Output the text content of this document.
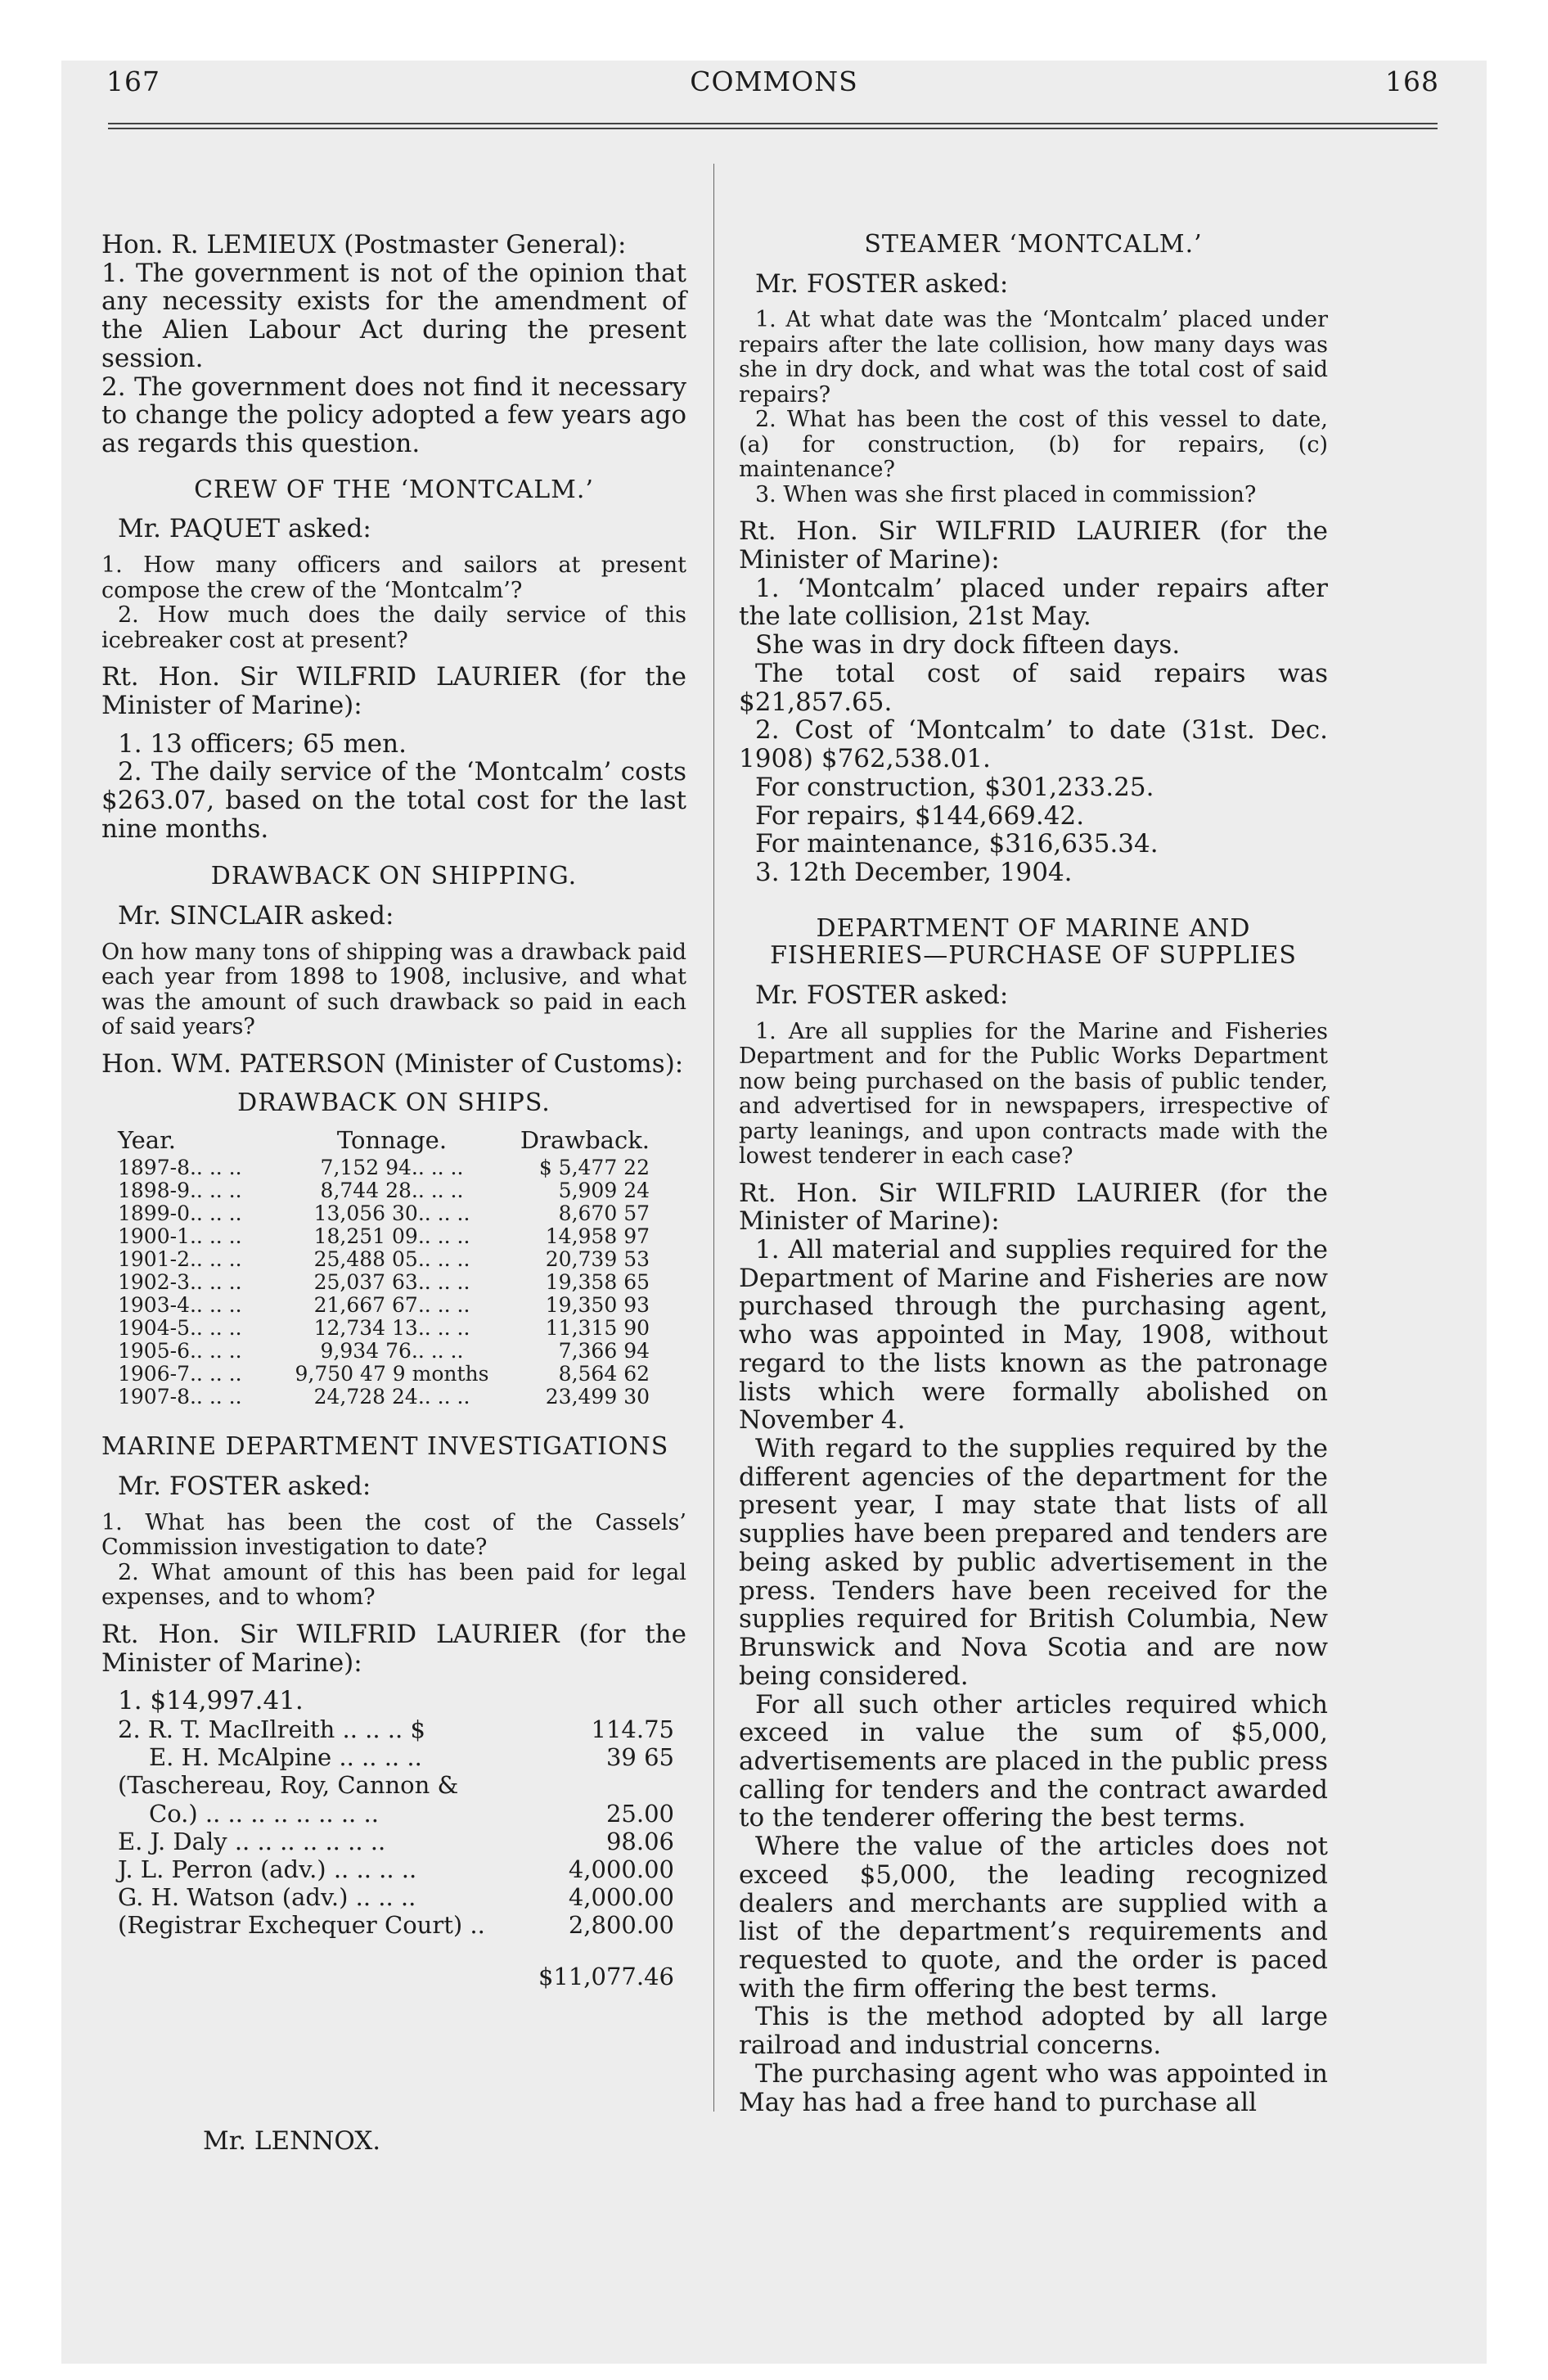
167	COMMONS	168

Hon. R. LEMIEUX (Postmaster General):

1. The government is not of the opinion that any necessity exists for the amendment of the Alien Labour Act during the present session.

2. The government does not find it necessary to change the policy adopted a few years ago as regards this question.

CREW OF THE ‘MONTCALM.’
Mr. PAQUET asked:

1. How many officers and sailors at present compose the crew of the ‘Montcalm’?

2. How much does the daily service of this icebreaker cost at present?

Rt. Hon. Sir WILFRID LAURIER (for the Minister of Marine):

1. 13 officers; 65 men.

2. The daily service of the ‘Montcalm’ costs $263.07, based on the total cost for the last nine months.

DRAWBACK ON SHIPPING.
Mr. SINCLAIR asked:

On how many tons of shipping was a drawback paid each year from 1898 to 1908, inclusive, and what was the amount of such drawback so paid in each of said years?

Hon. WM. PATERSON (Minister of Customs):

DRAWBACK ON SHIPS.
Year.	Tonnage.	Drawback.
1897-8.. .. ..	7,152 94.. .. ..	$ 5,477 22
1898-9.. .. ..	8,744 28.. .. ..	5,909 24
1899-0.. .. ..	13,056 30.. .. ..	8,670 57
1900-1.. .. ..	18,251 09.. .. ..	14,958 97
1901-2.. .. ..	25,488 05.. .. ..	20,739 53
1902-3.. .. ..	25,037 63.. .. ..	19,358 65
1903-4.. .. ..	21,667 67.. .. ..	19,350 93
1904-5.. .. ..	12,734 13.. .. ..	11,315 90
1905-6.. .. ..	9,934 76.. .. ..	7,366 94
1906-7.. .. ..	9,750 47 9 months	8,564 62
1907-8.. .. ..	24,728 24.. .. ..	23,499 30
MARINE DEPARTMENT INVESTIGATIONS
Mr. FOSTER asked:

1. What has been the cost of the Cassels’ Commission investigation to date?

2. What amount of this has been paid for legal expenses, and to whom?

Rt. Hon. Sir WILFRID LAURIER (for the Minister of Marine):

1. $14,997.41.

2. R. T. MacIlreith .. .. .. $	114.75
E. H. McAlpine .. .. .. ..	39 65
(Taschereau, Roy, Cannon &	
Co.) .. .. .. .. .. .. .. ..	25.00
E. J. Daly .. .. .. .. .. .. ..	98.06
J. L. Perron (adv.) .. .. .. ..	4,000.00
G. H. Watson (adv.) .. .. ..	4,000.00
(Registrar Exchequer Court) ..	2,800.00
	$11,077.46
Mr. LENNOX.
STEAMER ‘MONTCALM.’
Mr. FOSTER asked:

1. At what date was the ‘Montcalm’ placed under repairs after the late collision, how many days was she in dry dock, and what was the total cost of said repairs?

2. What has been the cost of this vessel to date, (a) for construction, (b) for repairs, (c) maintenance?

3. When was she first placed in commission?

Rt. Hon. Sir WILFRID LAURIER (for the Minister of Marine):

1. ‘Montcalm’ placed under repairs after the late collision, 21st May.

She was in dry dock fifteen days.

The total cost of said repairs was $21,857.65.

2. Cost of ‘Montcalm’ to date (31st. Dec. 1908) $762,538.01.

For construction, $301,233.25.

For repairs, $144,669.42.

For maintenance, $316,635.34.

3. 12th December, 1904.

DEPARTMENT OF MARINE AND FISHERIES—PURCHASE OF SUPPLIES
Mr. FOSTER asked:

1. Are all supplies for the Marine and Fisheries Department and for the Public Works Department now being purchased on the basis of public tender, and advertised for in newspapers, irrespective of party leanings, and upon contracts made with the lowest tenderer in each case?

Rt. Hon. Sir WILFRID LAURIER (for the Minister of Marine):

1. All material and supplies required for the Department of Marine and Fisheries are now purchased through the purchasing agent, who was appointed in May, 1908, without regard to the lists known as the patronage lists which were formally abolished on November 4.

With regard to the supplies required by the different agencies of the department for the present year, I may state that lists of all supplies have been prepared and tenders are being asked by public advertisement in the press. Tenders have been received for the supplies required for British Columbia, New Brunswick and Nova Scotia and are now being considered.

For all such other articles required which exceed in value the sum of $5,000, advertisements are placed in the public press calling for tenders and the contract awarded to the tenderer offering the best terms.

Where the value of the articles does not exceed $5,000, the leading recognized dealers and merchants are supplied with a list of the department’s requirements and requested to quote, and the order is paced with the firm offering the best terms.

This is the method adopted by all large railroad and industrial concerns.

The purchasing agent who was appointed in May has had a free hand to purchase all
